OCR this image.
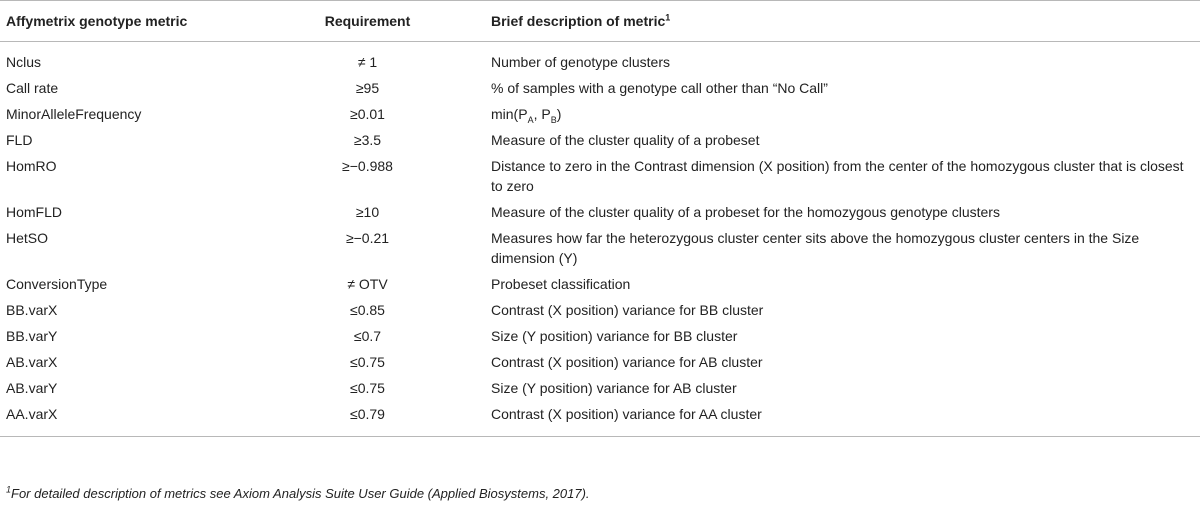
Affymetrix genotype metric	Requirement	Brief description of metric$^1$
Nclus	≠ 1	Number of genotype clusters
Call rate	≥95	% of samples with a genotype call other than “No Call”
MinorAlleleFrequency	≥0.01	$\min(P_A$, $P_B$)
FLD	≥3.5	Measure of the cluster quality of a probeset
HomRO	≥−0.988	Distance to zero in the Contrast dimension (X position) from the center of the homozygous cluster that is closest to zero
HomFLD	≥10	Measure of the cluster quality of a probeset for the homozygous genotype clusters
HetSO	≥−0.21	Measures how far the heterozygous cluster center sits above the homozygous cluster centers in the Size dimension (Y)
ConversionType	≠ OTV	Probeset classification
BB.varX	≤0.85	Contrast (X position) variance for BB cluster
BB.varY	≤0.7	Size (Y position) variance for BB cluster
AB.varX	≤0.75	Contrast (X position) variance for AB cluster
AB.varY	≤0.75	Size (Y position) variance for AB cluster
AA.varX	≤0.79	Contrast (X position) variance for AA cluster
$^1$For detailed description of metrics see Axiom Analysis Suite User Guide (Applied Biosystems, 2017).
